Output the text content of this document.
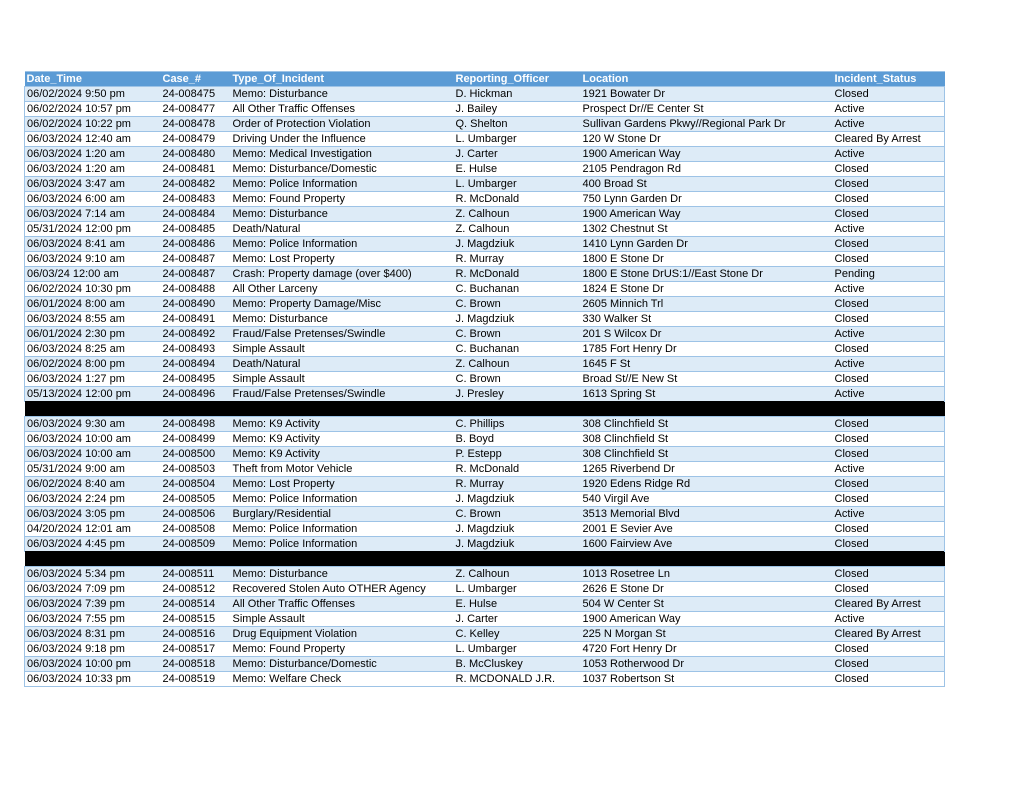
Date_Time	Case_#	Type_Of_Incident	Reporting_Officer	Location	Incident_Status
06/02/2024 9:50 pm	24-008475	Memo: Disturbance	D. Hickman	1921 Bowater Dr	Closed
06/02/2024 10:57 pm	24-008477	All Other Traffic Offenses	J. Bailey	Prospect Dr//E Center St	Active
06/02/2024 10:22 pm	24-008478	Order of Protection Violation	Q. Shelton	Sullivan Gardens Pkwy//Regional Park Dr	Active
06/03/2024 12:40 am	24-008479	Driving Under the Influence	L. Umbarger	120 W Stone Dr	Cleared By Arrest
06/03/2024 1:20 am	24-008480	Memo: Medical Investigation	J. Carter	1900 American Way	Active
06/03/2024 1:20 am	24-008481	Memo: Disturbance/Domestic	E. Hulse	2105 Pendragon Rd	Closed
06/03/2024 3:47 am	24-008482	Memo: Police Information	L. Umbarger	400 Broad St	Closed
06/03/2024 6:00 am	24-008483	Memo: Found Property	R. McDonald	750 Lynn Garden Dr	Closed
06/03/2024 7:14 am	24-008484	Memo: Disturbance	Z. Calhoun	1900 American Way	Closed
05/31/2024 12:00 pm	24-008485	Death/Natural	Z. Calhoun	1302 Chestnut St	Active
06/03/2024 8:41 am	24-008486	Memo: Police Information	J. Magdziuk	1410 Lynn Garden Dr	Closed
06/03/2024 9:10 am	24-008487	Memo: Lost Property	R. Murray	1800 E Stone Dr	Closed
06/03/24 12:00 am	24-008487	Crash: Property damage (over $400)	R. McDonald	1800 E Stone DrUS:1//East Stone Dr	Pending
06/02/2024 10:30 pm	24-008488	All Other Larceny	C. Buchanan	1824 E Stone Dr	Active
06/01/2024 8:00 am	24-008490	Memo: Property Damage/Misc	C. Brown	2605 Minnich Trl	Closed
06/03/2024 8:55 am	24-008491	Memo: Disturbance	J. Magdziuk	330 Walker St	Closed
06/01/2024 2:30 pm	24-008492	Fraud/False Pretenses/Swindle	C. Brown	201 S Wilcox Dr	Active
06/03/2024 8:25 am	24-008493	Simple Assault	C. Buchanan	1785 Fort Henry Dr	Closed
06/02/2024 8:00 pm	24-008494	Death/Natural	Z. Calhoun	1645 F St	Active
06/03/2024 1:27 pm	24-008495	Simple Assault	C. Brown	Broad St//E New St	Closed
05/13/2024 12:00 pm	24-008496	Fraud/False Pretenses/Swindle	J. Presley	1613 Spring St	Active

06/03/2024 9:30 am	24-008498	Memo: K9 Activity	C. Phillips	308 Clinchfield St	Closed
06/03/2024 10:00 am	24-008499	Memo: K9 Activity	B. Boyd	308 Clinchfield St	Closed
06/03/2024 10:00 am	24-008500	Memo: K9 Activity	P. Estepp	308 Clinchfield St	Closed
05/31/2024 9:00 am	24-008503	Theft from Motor Vehicle	R. McDonald	1265 Riverbend Dr	Active
06/02/2024 8:40 am	24-008504	Memo: Lost Property	R. Murray	1920 Edens Ridge Rd	Closed
06/03/2024 2:24 pm	24-008505	Memo: Police Information	J. Magdziuk	540 Virgil Ave	Closed
06/03/2024 3:05 pm	24-008506	Burglary/Residential	C. Brown	3513 Memorial Blvd	Active
04/20/2024 12:01 am	24-008508	Memo: Police Information	J. Magdziuk	2001 E Sevier Ave	Closed
06/03/2024 4:45 pm	24-008509	Memo: Police Information	J. Magdziuk	1600 Fairview Ave	Closed

06/03/2024 5:34 pm	24-008511	Memo: Disturbance	Z. Calhoun	1013 Rosetree Ln	Closed
06/03/2024 7:09 pm	24-008512	Recovered Stolen Auto OTHER Agency	L. Umbarger	2626 E Stone Dr	Closed
06/03/2024 7:39 pm	24-008514	All Other Traffic Offenses	E. Hulse	504 W Center St	Cleared By Arrest
06/03/2024 7:55 pm	24-008515	Simple Assault	J. Carter	1900 American Way	Active
06/03/2024 8:31 pm	24-008516	Drug Equipment Violation	C. Kelley	225 N Morgan St	Cleared By Arrest
06/03/2024 9:18 pm	24-008517	Memo: Found Property	L. Umbarger	4720 Fort Henry Dr	Closed
06/03/2024 10:00 pm	24-008518	Memo: Disturbance/Domestic	B. McCluskey	1053 Rotherwood Dr	Closed
06/03/2024 10:33 pm	24-008519	Memo: Welfare Check	R. MCDONALD J.R.	1037 Robertson St	Closed
